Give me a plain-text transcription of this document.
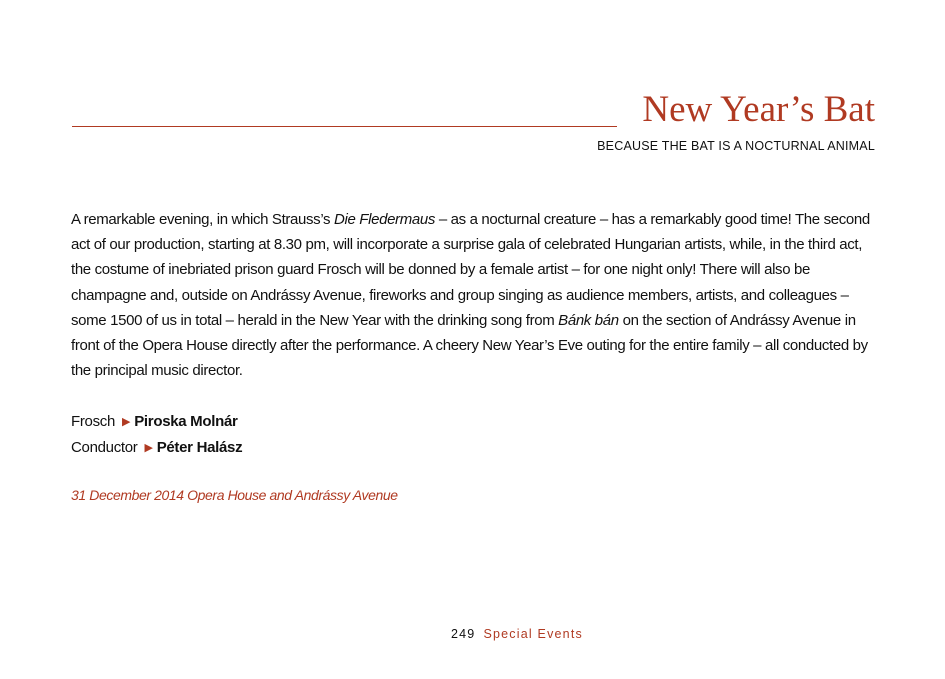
New Year’s Bat
BECAUSE THE BAT IS A NOCTURNAL ANIMAL
A remarkable evening, in which Strauss’s Die Fledermaus – as a nocturnal creature – has a remarkably good time! The second act of our production, starting at 8.30 pm, will incorporate a surprise gala of celebrated Hungarian artists, while, in the third act, the costume of inebriated prison guard Frosch will be donned by a female artist – for one night only! There will also be champagne and, outside on Andrássy Avenue, fireworks and group singing as audience members, artists, and colleagues – some 1500 of us in total – herald in the New Year with the drinking song from Bánk bán on the section of Andrássy Avenue in front of the Opera House directly after the performance. A cheery New Year’s Eve outing for the entire family – all conducted by the principal music director.
Frosch ▶ Piroska Molnár
Conductor ▶ Péter Halász
31 December 2014 Opera House and Andrássy Avenue
249 Special Events
